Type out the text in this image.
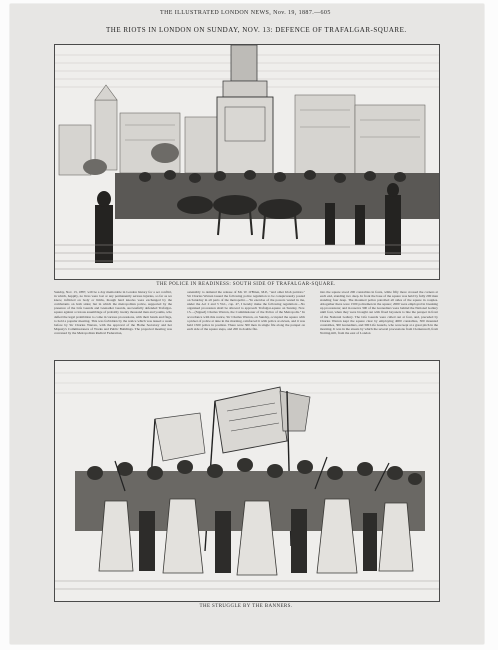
THE ILLUSTRATED LONDON NEWS, Nov. 19, 1887.—605
THE RIOTS IN LONDON ON SUNDAY, NOV. 13: DEFENCE OF TRAFALGAR-SQUARE.
THE POLICE IN READINESS: SOUTH SIDE OF TRAFALGAR-SQUARE.
Sunday, Nov. 13, 1887, will be a day memorable in London history for a set conflict, in which, happily, no lives were lost or any permanently serious injuries, so far as we know, inflicted on body or limbs, though hard knocks were exchanged by the combatants on both sides; but in which the metropolitan police, supported by the presence of the Life Guards and Grenadier Guards, successfully defended Trafalgar-square against a riotous assemblage of probably twenty thousand men and youths, who defied the legal prohibition to come in various processions, with their bands and flags, to hold a popular meeting. This was forbidden by the notice which was issued a week before by Sir Charles Warren, with the approval of the Home Secretary and her Majesty's Commissioners of Works and Public Buildings. The projected meeting was convened by the Metropolitan Radical Federation,
ostensibly to demand the release of Mr. W. O'Brien, M.P., "and other Irish patriots." Sir Charles Warren issued the following police regulation to be conspicuously posted on Saturday in all parts of the metropolis:—"In exercise of the powers vested in me, under the Act 2 and 3 Vict., cap. 47, I hereby make the following regulation:—No organised procession shall be allowed to approach Trafalgar-square on Sunday, Nov. 13.—(Signed) Charles Warren, the Commissioner of the Police of the Metropolis." In accordance with this notice, Sir Charles Warren, on Sunday, occupied the square with a picket of police at nine in the morning, reinforced it with police at eleven, and it was held 1500 police in position. There were 300 men in single file along the parapet on each side of the square steps, and 200 in double file.
into the square stood 200 constables in fours, while fifty more crossed the corners at each end, standing two deep. In front the base of the square was held by fully 200 men standing four deep. The mounted police patrolled all sides of the square in couples. Altogether there were 1500 policemen in the square; 2000 were employed in breaking up processions; and in reserve 300 of the Grenadiers were behind the National Gallery until four, when they were brought out with fixed bayonets to line the parapet in front of the National Gallery. The Life Guards were called out at four, and, preceded by Charles Warren kept the square clear by employing 4000 constables, 300 mounted constables, 300 Grenadiers, and 300 Life Guards, who were kept at a great pitch in the morning. It was in the streets by which the several processions from Clerkenwell, from Notting-hill, from the east of London
THE STRUGGLE BY THE BANNERS.
